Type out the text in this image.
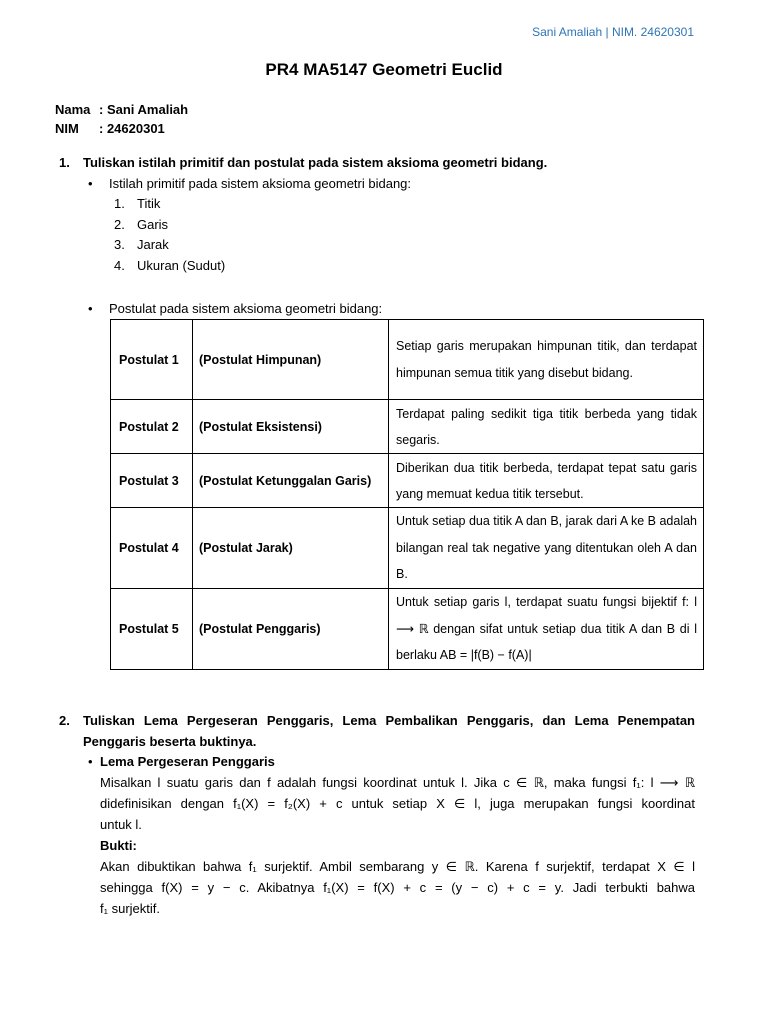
Sani Amaliah | NIM. 24620301
PR4 MA5147 Geometri Euclid
Nama : Sani Amaliah
NIM	: 24620301
1. Tuliskan istilah primitif dan postulat pada sistem aksioma geometri bidang.
• Istilah primitif pada sistem aksioma geometri bidang:
1. Titik
2. Garis
3. Jarak
4. Ukuran (Sudut)
• Postulat pada sistem aksioma geometri bidang:
Postulat 1	(Postulat Himpunan)	Setiap garis merupakan himpunan titik, dan terdapat himpunan semua titik yang disebut bidang.
Postulat 2	(Postulat Eksistensi)	Terdapat paling sedikit tiga titik berbeda yang tidak segaris.
Postulat 3	(Postulat Ketunggalan Garis)	Diberikan dua titik berbeda, terdapat tepat satu garis yang memuat kedua titik tersebut.
Postulat 4	(Postulat Jarak)	Untuk setiap dua titik A dan B, jarak dari A ke B adalah bilangan real tak negative yang ditentukan oleh A dan B.
Postulat 5	(Postulat Penggaris)	Untuk setiap garis l, terdapat suatu fungsi bijektif f: l ⟶ ℝ dengan sifat untuk setiap dua titik A dan B di l berlaku AB = |f(B) − f(A)|
2.	Tuliskan Lema Pergeseran Penggaris, Lema Pembalikan Penggaris, dan Lema Penempatan
Penggaris beserta buktinya.
• Lema Pergeseran Penggaris
Misalkan l suatu garis dan f adalah fungsi koordinat untuk l. Jika c ∈ ℝ, maka fungsi f₁: l ⟶ ℝ
didefinisikan dengan f₁(X) = f₂(X) + c untuk setiap X ∈ l, juga merupakan fungsi koordinat
untuk l.
Bukti:
Akan dibuktikan bahwa f₁ surjektif. Ambil sembarang y ∈ ℝ. Karena f surjektif, terdapat X ∈ l
sehingga f(X) = y − c. Akibatnya f₁(X) = f(X) + c = (y − c) + c = y. Jadi terbukti bahwa
f₁ surjektif.
